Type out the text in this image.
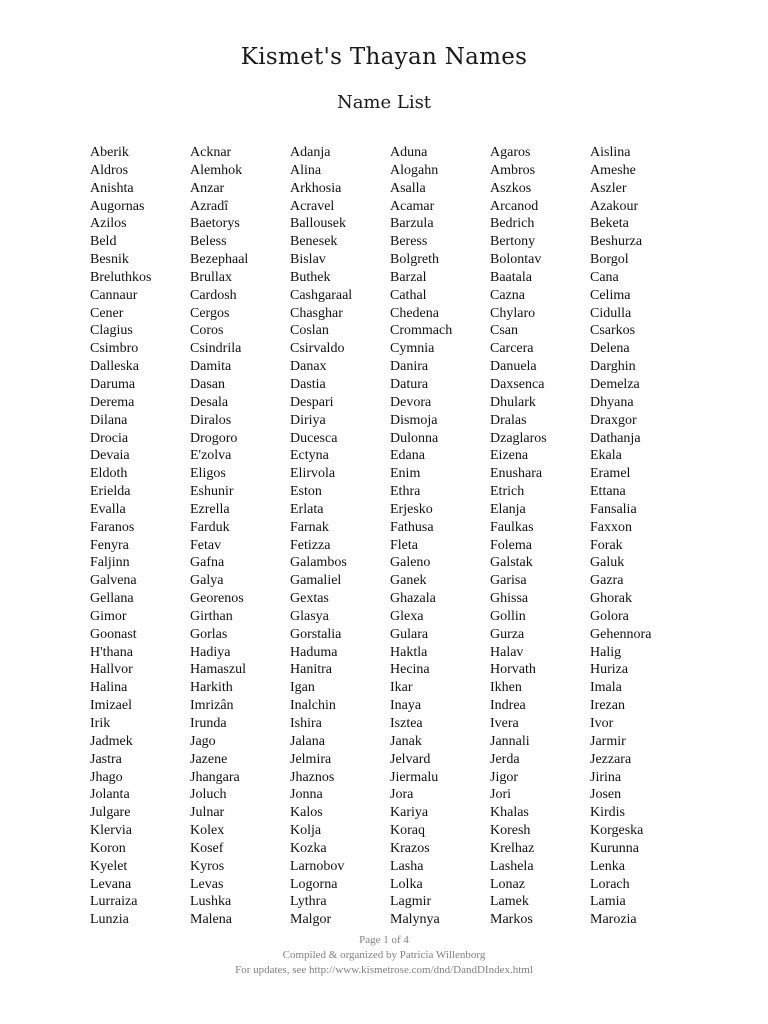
Kismet's Thayan Names
Name List
Aberik	Acknar	Adanja	Aduna	Agaros	Aislina
Aldros	Alemhok	Alina	Alogahn	Ambros	Ameshe
Anishta	Anzar	Arkhosia	Asalla	Aszkos	Aszler
Augornas	Azradî	Acravel	Acamar	Arcanod	Azakour
Azilos	Baetorys	Ballousek	Barzula	Bedrich	Beketa
Beld	Beless	Benesek	Beress	Bertony	Beshurza
Besnik	Bezephaal	Bislav	Bolgreth	Bolontav	Borgol
Breluthkos	Brullax	Buthek	Barzal	Baatala	Cana
Cannaur	Cardosh	Cashgaraal	Cathal	Cazna	Celima
Cener	Cergos	Chasghar	Chedena	Chylaro	Cidulla
Clagius	Coros	Coslan	Crommach	Csan	Csarkos
Csimbro	Csindrila	Csirvaldo	Cymnia	Carcera	Delena
Dalleska	Damita	Danax	Danira	Danuela	Darghin
Daruma	Dasan	Dastia	Datura	Daxsenca	Demelza
Derema	Desala	Despari	Devora	Dhulark	Dhyana
Dilana	Diralos	Diriya	Dismoja	Dralas	Draxgor
Drocia	Drogoro	Ducesca	Dulonna	Dzaglaros	Dathanja
Devaia	E'zolva	Ectyna	Edana	Eizena	Ekala
Eldoth	Eligos	Elirvola	Enim	Enushara	Eramel
Erielda	Eshunir	Eston	Ethra	Etrich	Ettana
Evalla	Ezrella	Erlata	Erjesko	Elanja	Fansalia
Faranos	Farduk	Farnak	Fathusa	Faulkas	Faxxon
Fenyra	Fetav	Fetizza	Fleta	Folema	Forak
Faljinn	Gafna	Galambos	Galeno	Galstak	Galuk
Galvena	Galya	Gamaliel	Ganek	Garisa	Gazra
Gellana	Georenos	Gextas	Ghazala	Ghissa	Ghorak
Gimor	Girthan	Glasya	Glexa	Gollin	Golora
Goonast	Gorlas	Gorstalia	Gulara	Gurza	Gehennora
H'thana	Hadiya	Haduma	Haktla	Halav	Halig
Hallvor	Hamaszul	Hanitra	Hecina	Horvath	Huriza
Halina	Harkith	Igan	Ikar	Ikhen	Imala
Imizael	Imrizân	Inalchin	Inaya	Indrea	Irezan
Irik	Irunda	Ishira	Isztea	Ivera	Ivor
Jadmek	Jago	Jalana	Janak	Jannali	Jarmir
Jastra	Jazene	Jelmira	Jelvard	Jerda	Jezzara
Jhago	Jhangara	Jhaznos	Jiermalu	Jigor	Jirina
Jolanta	Joluch	Jonna	Jora	Jori	Josen
Julgare	Julnar	Kalos	Kariya	Khalas	Kirdis
Klervia	Kolex	Kolja	Koraq	Koresh	Korgeska
Koron	Kosef	Kozka	Krazos	Krelhaz	Kurunna
Kyelet	Kyros	Larnobov	Lasha	Lashela	Lenka
Levana	Levas	Logorna	Lolka	Lonaz	Lorach
Lurraiza	Lushka	Lythra	Lagmir	Lamek	Lamia
Lunzia	Malena	Malgor	Malynya	Markos	Marozia
Page 1 of 4
Compiled & organized by Patricia Willenborg
For updates, see http://www.kismetrose.com/dnd/DandDIndex.html
